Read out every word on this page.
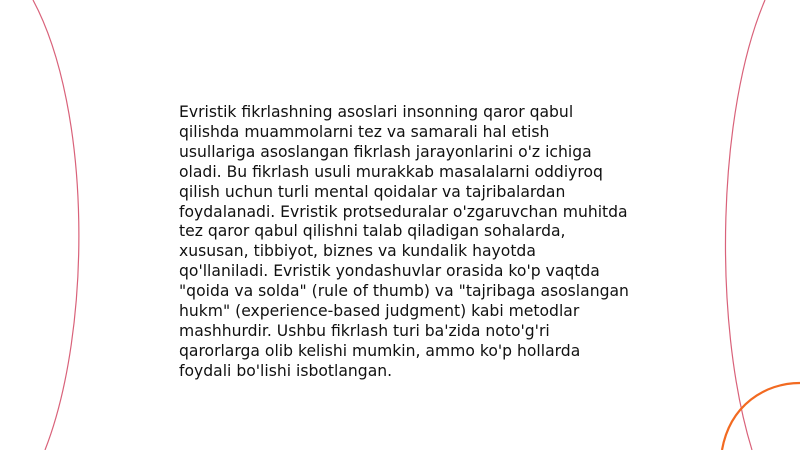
Evristik fikrlashning asoslari insonning qaror qabul qilishda muammolarni tez va samarali hal etish usullariga asoslangan fikrlash jarayonlarini o'z ichiga oladi. Bu fikrlash usuli murakkab masalalarni oddiyroq qilish uchun turli mental qoidalar va tajribalardan foydalanadi. Evristik protseduralar o'zgaruvchan muhitda tez qaror qabul qilishni talab qiladigan sohalarda, xususan, tibbiyot, biznes va kundalik hayotda qo'llaniladi. Evristik yondashuvlar orasida ko'p vaqtda "qoida va solda" (rule of thumb) va "tajribaga asoslangan hukm" (experience-based judgment) kabi metodlar mashhurdir. Ushbu fikrlash turi ba'zida noto'g'ri qarorlarga olib kelishi mumkin, ammo ko'p hollarda foydali bo'lishi isbotlangan.
